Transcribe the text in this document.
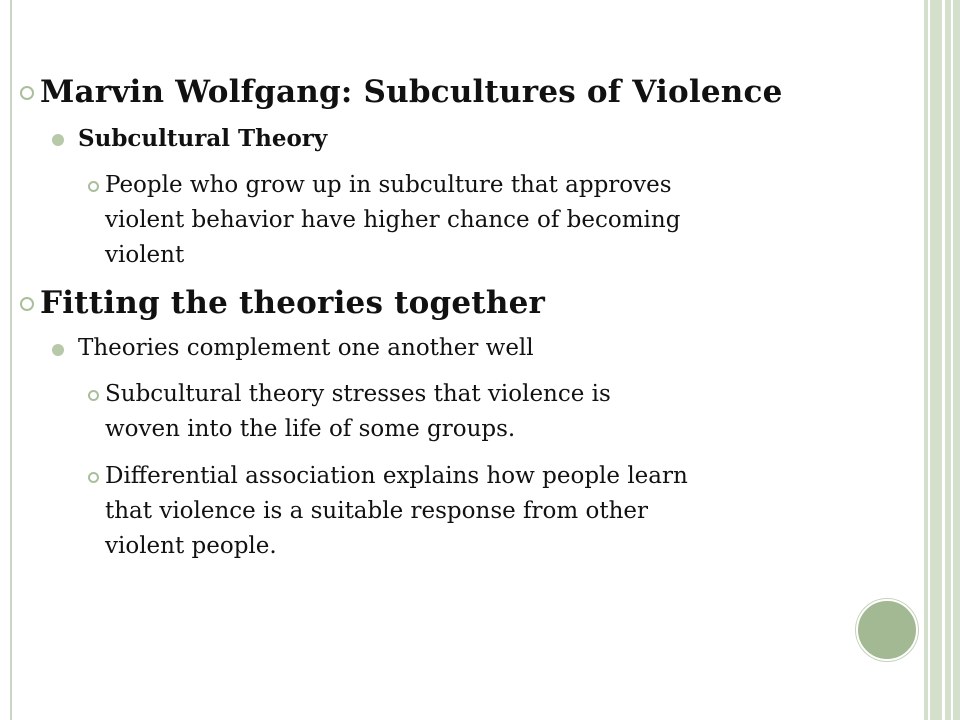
Marvin Wolfgang: Subcultures of Violence
Subcultural Theory
People who grow up in subculture that approves
violent behavior have higher chance of becoming
violent
Fitting the theories together
Theories complement one another well
Subcultural theory stresses that violence is
woven into the life of some groups.
Differential association explains how people learn
that violence is a suitable response from other
violent people.
